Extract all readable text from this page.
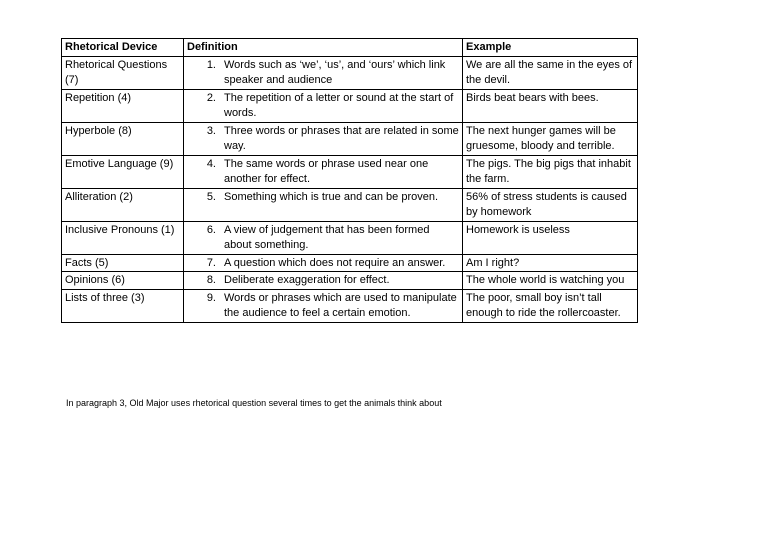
Rhetorical Device	Definition	Example
Rhetorical Questions (7)	1. Words such as ‘we’, ‘us’, and ‘ours’ which link speaker and audience	We are all the same in the eyes of the devil.
Repetition (4)	2. The repetition of a letter or sound at the start of words.	Birds beat bears with bees.
Hyperbole (8)	3. Three words or phrases that are related in some way.	The next hunger games will be gruesome, bloody and terrible.
Emotive Language (9)	4. The same words or phrase used near one another for effect.	The pigs. The big pigs that inhabit the farm.
Alliteration (2)	5. Something which is true and can be proven.	56% of stress students is caused by homework
Inclusive Pronouns (1)	6. A view of judgement that has been formed about something.	Homework is useless
Facts (5)	7. A question which does not require an answer.	Am I right?
Opinions (6)	8. Deliberate exaggeration for effect.	The whole world is watching you
Lists of three (3)	9. Words or phrases which are used to manipulate the audience to feel a certain emotion.	The poor, small boy isn’t tall enough to ride the rollercoaster.
In paragraph 3, Old Major uses rhetorical question several times to get the animals think about
